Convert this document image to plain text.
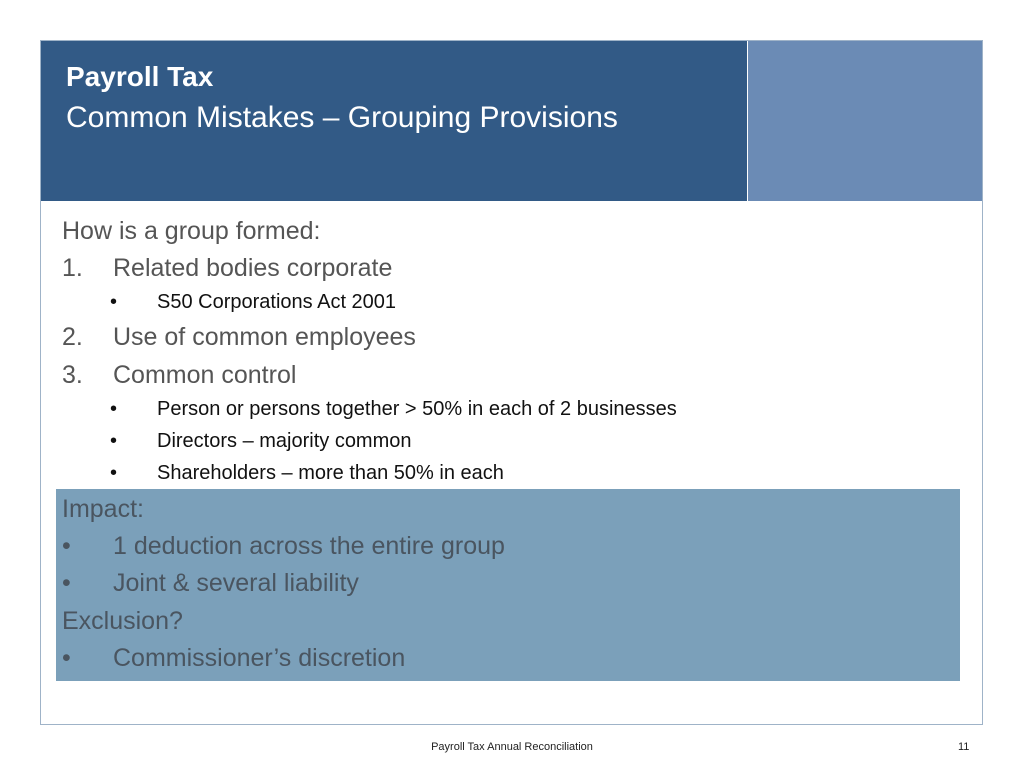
Payroll Tax
Common Mistakes – Grouping Provisions
How is a group formed:
1. Related bodies corporate
• S50 Corporations Act 2001
2. Use of common employees
3. Common control
• Person or persons together > 50% in each of 2 businesses
• Directors – majority common
• Shareholders – more than 50% in each
Impact:
• 1 deduction across the entire group
• Joint & several liability
Exclusion?
• Commissioner’s discretion
Payroll Tax Annual Reconciliation	11
